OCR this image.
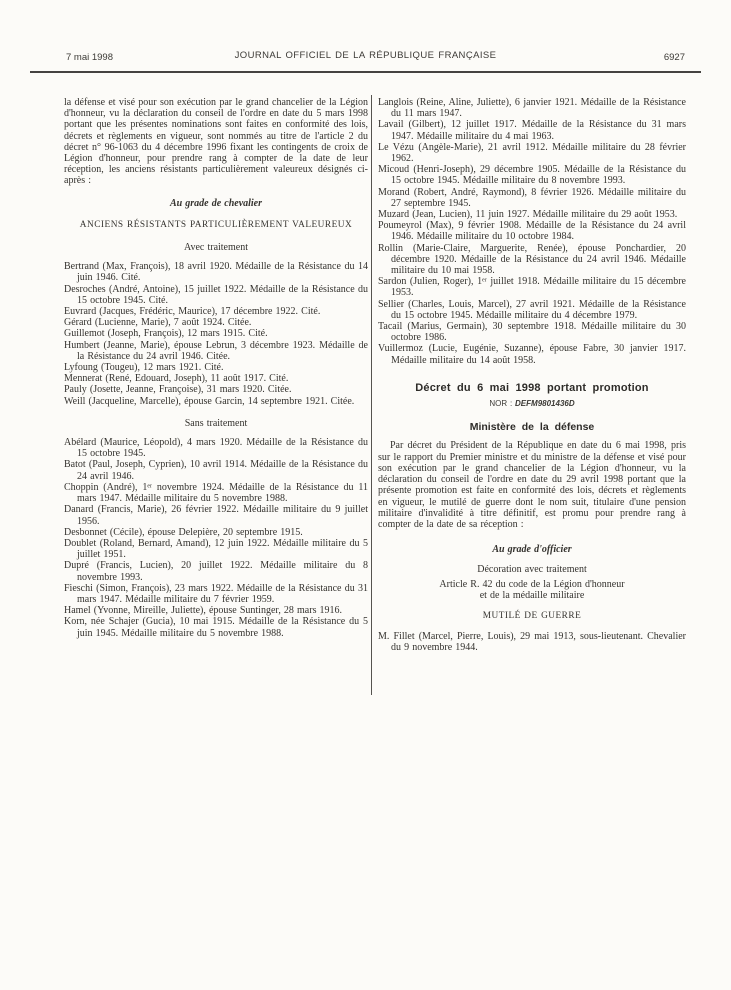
7 mai 1998	JOURNAL OFFICIEL DE LA RÉPUBLIQUE FRANÇAISE	6927

la défense et visé pour son exécution par le grand chancelier de la Légion d'honneur, vu la déclaration du conseil de l'ordre en date du 5 mars 1998 portant que les présentes nominations sont faites en conformité des lois, décrets et règlements en vigueur, sont nommés au titre de l'article 2 du décret n° 96-1063 du 4 décembre 1996 fixant les contingents de croix de Légion d'honneur, pour prendre rang à compter de la date de leur réception, les anciens résistants particulièrement valeureux désignés ci-après :

Au grade de chevalier

ANCIENS RÉSISTANTS PARTICULIÈREMENT VALEUREUX

Avec traitement

Bertrand (Max, François), 18 avril 1920. Médaille de la Résistance du 14 juin 1946. Cité.

Desroches (André, Antoine), 15 juillet 1922. Médaille de la Résistance du 15 octobre 1945. Cité.

Euvrard (Jacques, Frédéric, Maurice), 17 décembre 1922. Cité.

Gérard (Lucienne, Marie), 7 août 1924. Citée.

Guillemot (Joseph, François), 12 mars 1915. Cité.

Humbert (Jeanne, Marie), épouse Lebrun, 3 décembre 1923. Médaille de la Résistance du 24 avril 1946. Citée.

Lyfoung (Tougeu), 12 mars 1921. Cité.

Mennerat (René, Edouard, Joseph), 11 août 1917. Cité.

Pauly (Josette, Jeanne, Françoise), 31 mars 1920. Citée.

Weill (Jacqueline, Marcelle), épouse Garcin, 14 septembre 1921. Citée.

Sans traitement

Abélard (Maurice, Léopold), 4 mars 1920. Médaille de la Résistance du 15 octobre 1945.

Batot (Paul, Joseph, Cyprien), 10 avril 1914. Médaille de la Résistance du 24 avril 1946.

Choppin (André), 1ᵉʳ novembre 1924. Médaille de la Résistance du 11 mars 1947. Médaille militaire du 5 novembre 1988.

Danard (Francis, Marie), 26 février 1922. Médaille militaire du 9 juillet 1956.

Desbonnet (Cécile), épouse Delepière, 20 septembre 1915.

Doublet (Roland, Bernard, Amand), 12 juin 1922. Médaille militaire du 5 juillet 1951.

Dupré (Francis, Lucien), 20 juillet 1922. Médaille militaire du 8 novembre 1993.

Fieschi (Simon, François), 23 mars 1922. Médaille de la Résistance du 31 mars 1947. Médaille militaire du 7 février 1959.

Hamel (Yvonne, Mireille, Juliette), épouse Suntinger, 28 mars 1916.

Korn, née Schajer (Gucia), 10 mai 1915. Médaille de la Résistance du 5 juin 1945. Médaille militaire du 5 novembre 1988.

Langlois (Reine, Aline, Juliette), 6 janvier 1921. Médaille de la Résistance du 11 mars 1947.

Lavail (Gilbert), 12 juillet 1917. Médaille de la Résistance du 31 mars 1947. Médaille militaire du 4 mai 1963.

Le Vézu (Angèle-Marie), 21 avril 1912. Médaille militaire du 28 février 1962.

Micoud (Henri-Joseph), 29 décembre 1905. Médaille de la Résistance du 15 octobre 1945. Médaille militaire du 8 novembre 1993.

Morand (Robert, André, Raymond), 8 février 1926. Médaille militaire du 27 septembre 1945.

Muzard (Jean, Lucien), 11 juin 1927. Médaille militaire du 29 août 1953.

Poumeyrol (Max), 9 février 1908. Médaille de la Résistance du 24 avril 1946. Médaille militaire du 10 octobre 1984.

Rollin (Marie-Claire, Marguerite, Renée), épouse Ponchardier, 20 décembre 1920. Médaille de la Résistance du 24 avril 1946. Médaille militaire du 10 mai 1958.

Sardon (Julien, Roger), 1ᵉʳ juillet 1918. Médaille militaire du 15 décembre 1953.

Sellier (Charles, Louis, Marcel), 27 avril 1921. Médaille de la Résistance du 15 octobre 1945. Médaille militaire du 4 décembre 1979.

Tacail (Marius, Germain), 30 septembre 1918. Médaille militaire du 30 octobre 1986.

Vuillermoz (Lucie, Eugénie, Suzanne), épouse Fabre, 30 janvier 1917. Médaille militaire du 14 août 1958.

Décret du 6 mai 1998 portant promotion

NOR : DEFM9801436D

Ministère de la défense

Par décret du Président de la République en date du 6 mai 1998, pris sur le rapport du Premier ministre et du ministre de la défense et visé pour son exécution par le grand chancelier de la Légion d'honneur, vu la déclaration du conseil de l'ordre en date du 29 avril 1998 portant que la présente promotion est faite en conformité des lois, décrets et règlements en vigueur, le mutilé de guerre dont le nom suit, titulaire d'une pension militaire d'invalidité à titre définitif, est promu pour prendre rang à compter de la date de sa réception :

Au grade d'officier

Décoration avec traitement

Article R. 42 du code de la Légion d'honneur

et de la médaille militaire

MUTILÉ DE GUERRE

M. Fillet (Marcel, Pierre, Louis), 29 mai 1913, sous-lieutenant. Chevalier du 9 novembre 1944.
